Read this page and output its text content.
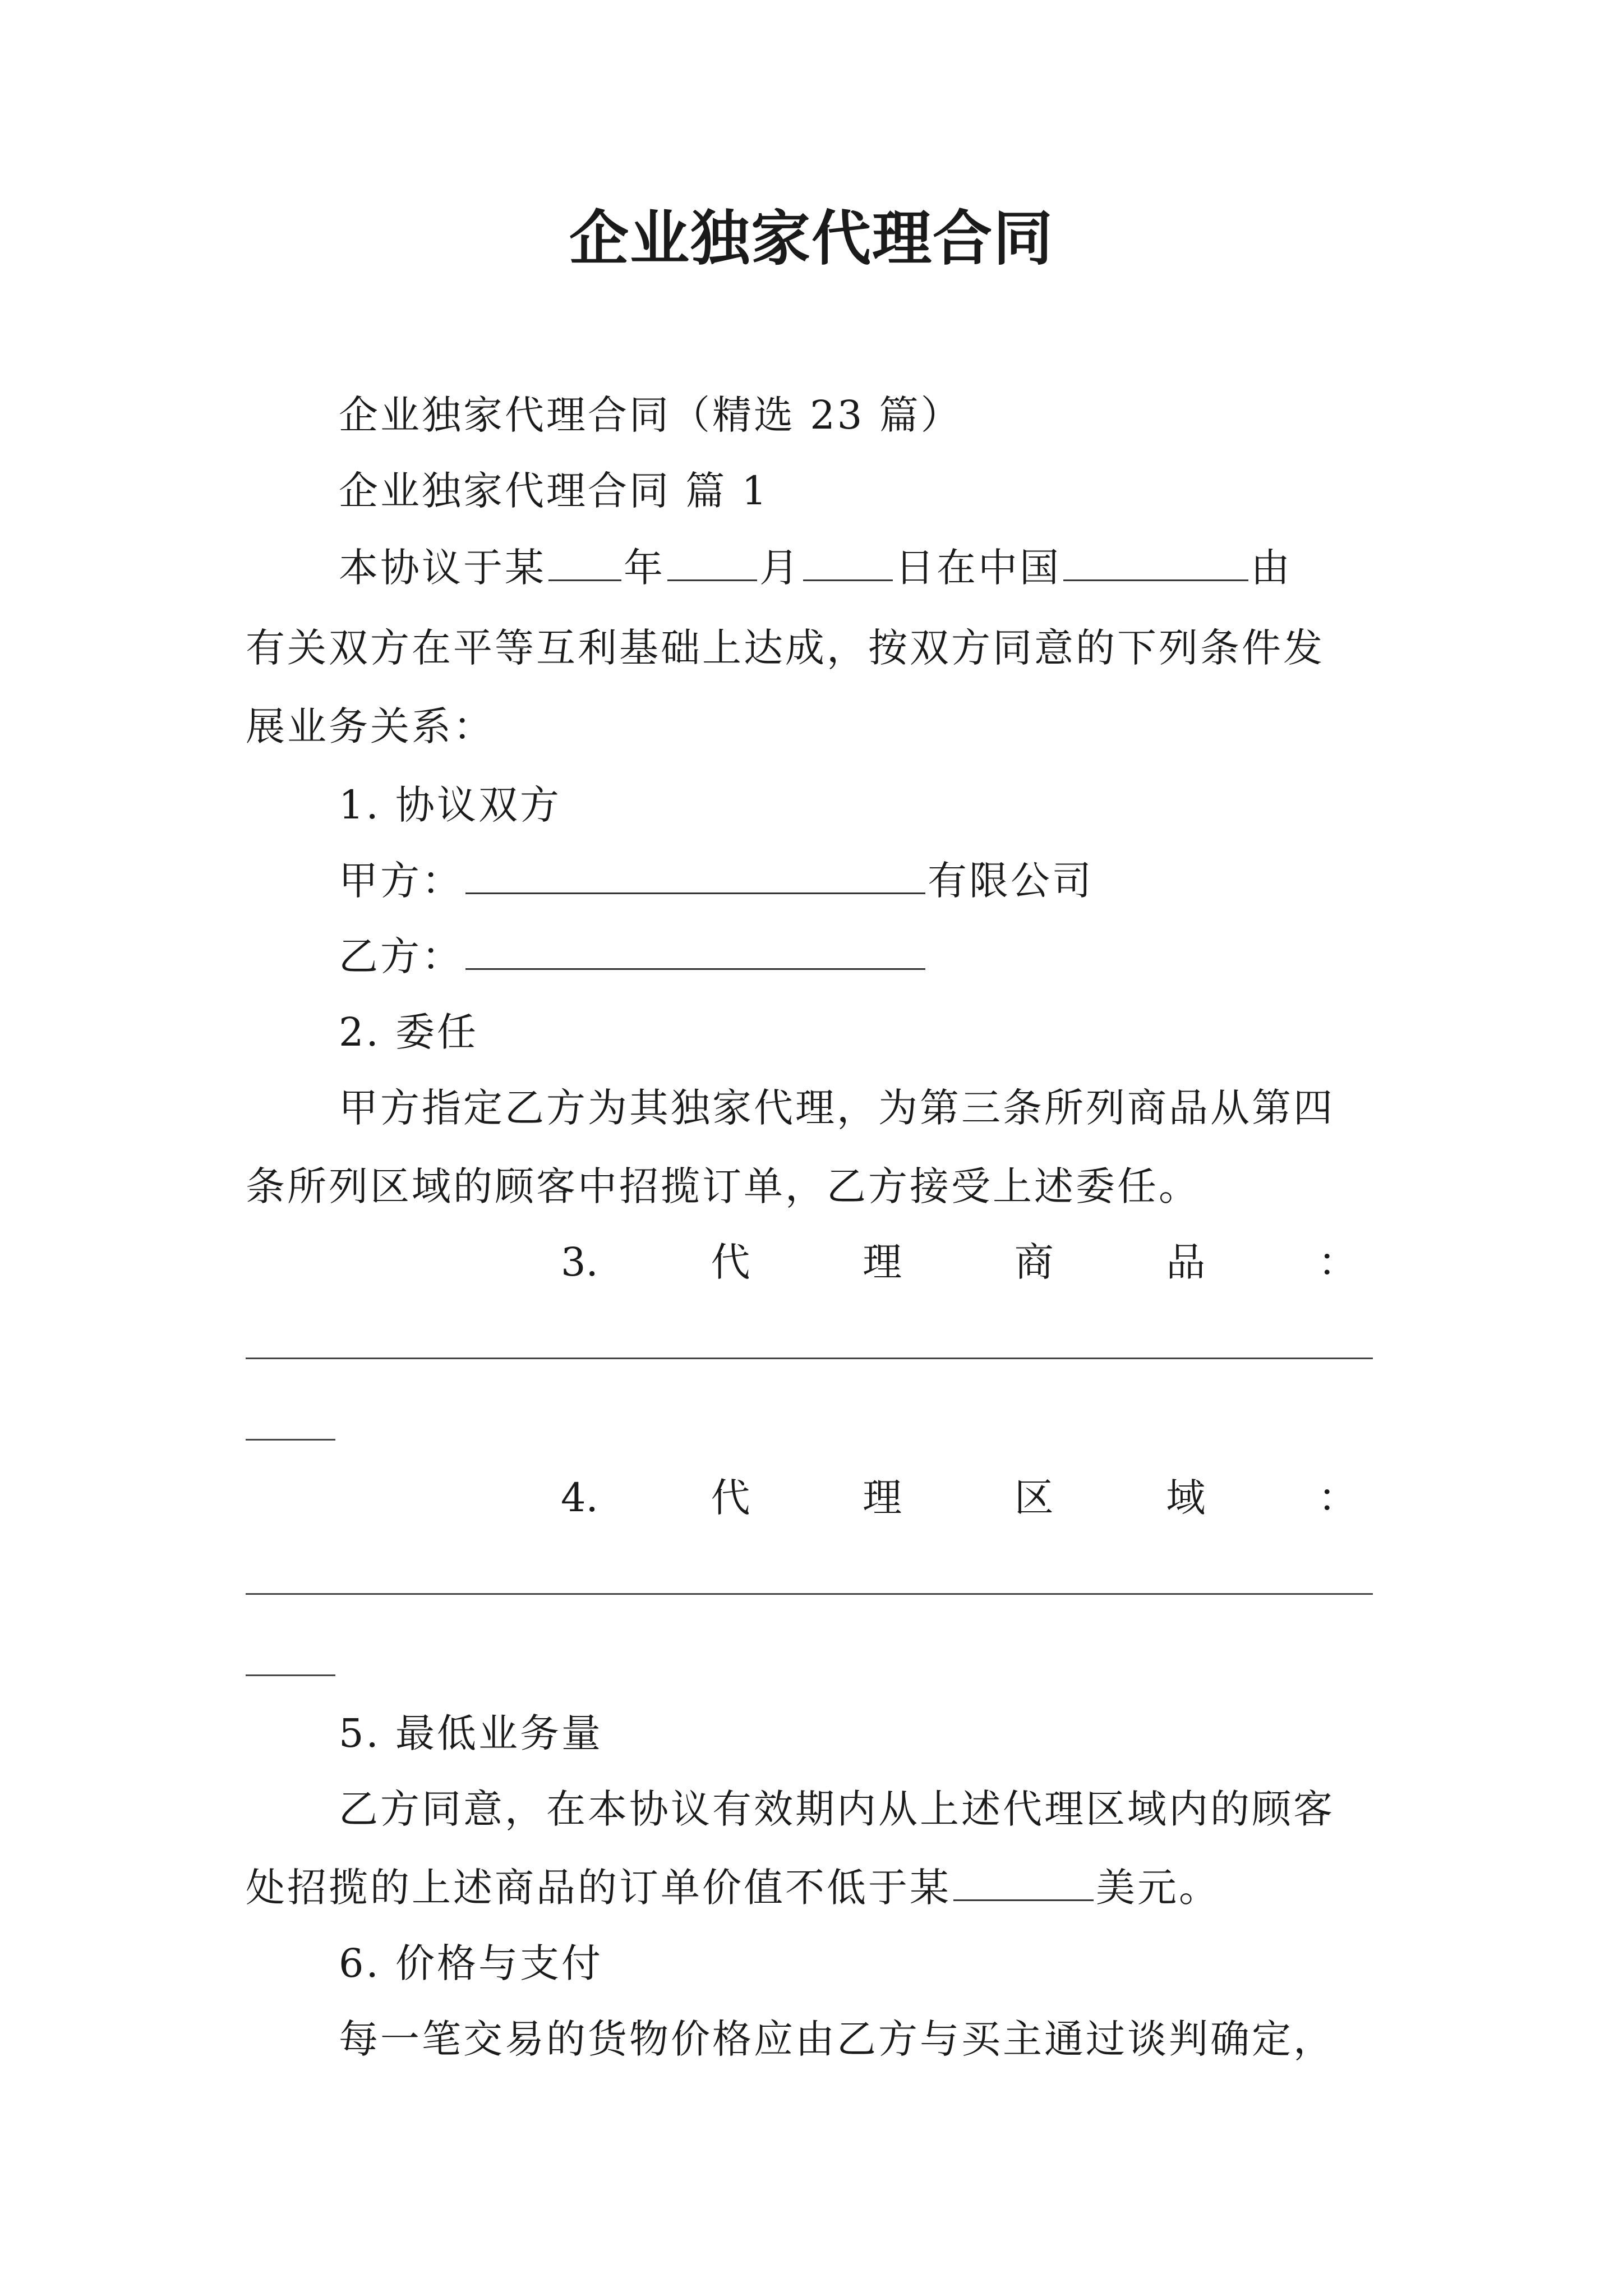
企业独家代理合同
企业独家代理合同（精选 23 篇）
企业独家代理合同 篇 1
本协议于某 年 月 日在中国	由
有关双方在平等互利基础上达成，按双方同意的下列条件发
展业务关系：
1. 协议双方
甲方：	有限公司
乙方：
2. 委任
甲方指定乙方为其独家代理，为第三条所列商品从第四
条所列区域的顾客中招揽订单，乙方接受上述委任。
3.	代	理	商	品	：
4.	代	理	区	域	：
5. 最低业务量
乙方同意，在本协议有效期内从上述代理区域内的顾客
处招揽的上述商品的订单价值不低于某	美元。
6. 价格与支付
每一笔交易的货物价格应由乙方与买主通过谈判确定，
